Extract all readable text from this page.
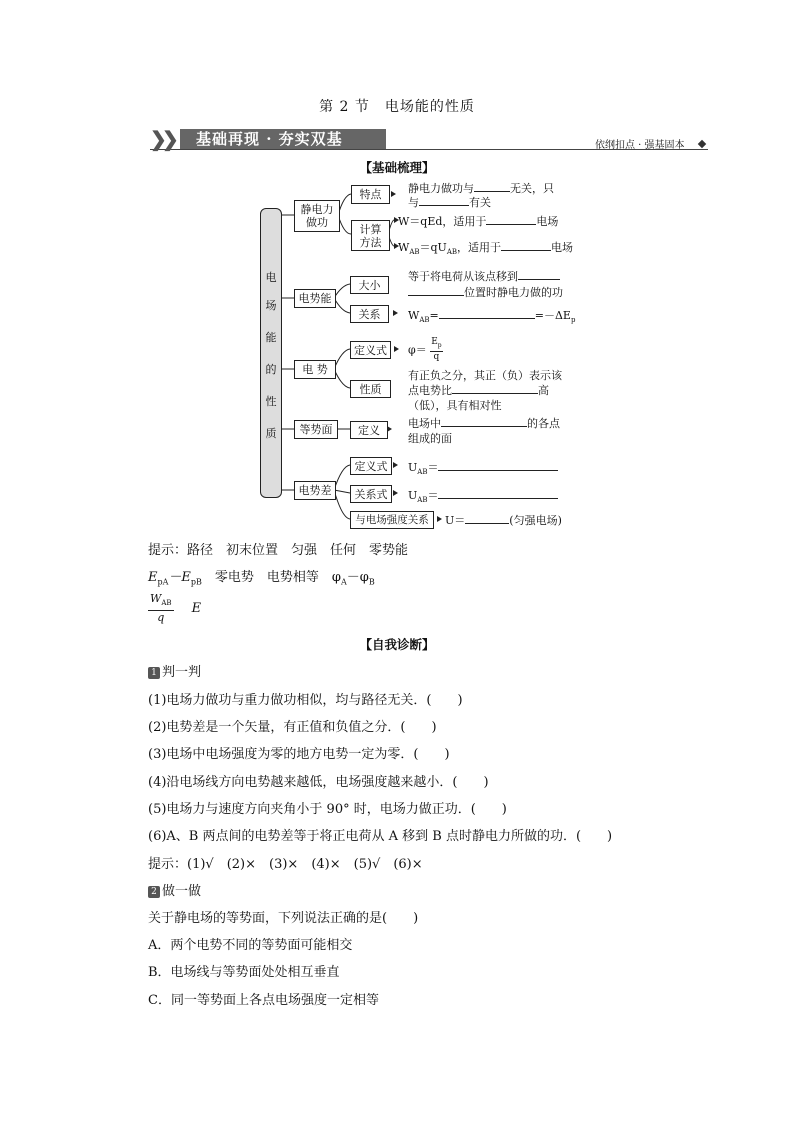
第 2 节　电场能的性质
❯
❯ 基础再现 · 夯实双基	依纲扣点 · 强基固本
【基础梳理】
电
场
能
的
性
质
静电力做功
特点	静电力做功与	无关，只
与	有关
计算方法
W＝qEd，适用于	电场
$W_{AB}=qU_{AB}$，适用于	电场
电势能
大小
等于将电荷从该点移到
位置时静电力做的功
关系	$W_{AB}=$	$=-\Delta E_p$
电 势
定义式	$\varphi= \frac{E_p}{q}$
性质
有正负之分，其正（负）表示该
点电势比	高
（低），具有相对性
等势面	定义	电场中	的各点
组成的面
电势差
定义式	$U_{AB}=$
关系式	$U_{AB}=$
与电场强度关系	U＝	(匀强电场)
提示：路径　初末位置　匀强　任何　零势能
$E_{pA}-E_{pB}$　零电势　电势相等　$\varphi_A-\varphi_B$
$W_{AB}$
q
E
【自我诊断】
1 判一判
(1)电场力做功与重力做功相似，均与路径无关．(　　)
(2)电势差是一个矢量，有正值和负值之分．(　　)
(3)电场中电场强度为零的地方电势一定为零．(　　)
(4)沿电场线方向电势越来越低，电场强度越来越小．(　　)
(5)电场力与速度方向夹角小于 90° 时，电场力做正功．(　　)
(6)A、B 两点间的电势差等于将正电荷从 A 移到 B 点时静电力所做的功．(　　)
提示：(1)√　(2)×　(3)×　(4)×　(5)√　(6)×
2 做一做
关于静电场的等势面，下列说法正确的是(　　)
A．两个电势不同的等势面可能相交
B．电场线与等势面处处相互垂直
C．同一等势面上各点电场强度一定相等
